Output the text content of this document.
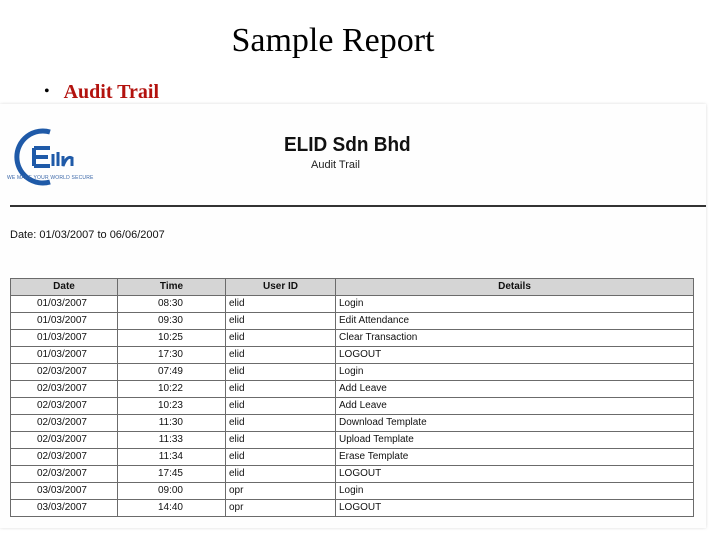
Sample Report
• Audit Trail
WE MAKE YOUR WORLD SECURE
ELID Sdn Bhd
Audit Trail
Date: 01/03/2007 to 06/06/2007
Date	Time	User ID	Details
01/03/2007	08:30	elid	Login
01/03/2007	09:30	elid	Edit Attendance
01/03/2007	10:25	elid	Clear Transaction
01/03/2007	17:30	elid	LOGOUT
02/03/2007	07:49	elid	Login
02/03/2007	10:22	elid	Add Leave
02/03/2007	10:23	elid	Add Leave
02/03/2007	11:30	elid	Download Template
02/03/2007	11:33	elid	Upload Template
02/03/2007	11:34	elid	Erase Template
02/03/2007	17:45	elid	LOGOUT
03/03/2007	09:00	opr	Login
03/03/2007	14:40	opr	LOGOUT
